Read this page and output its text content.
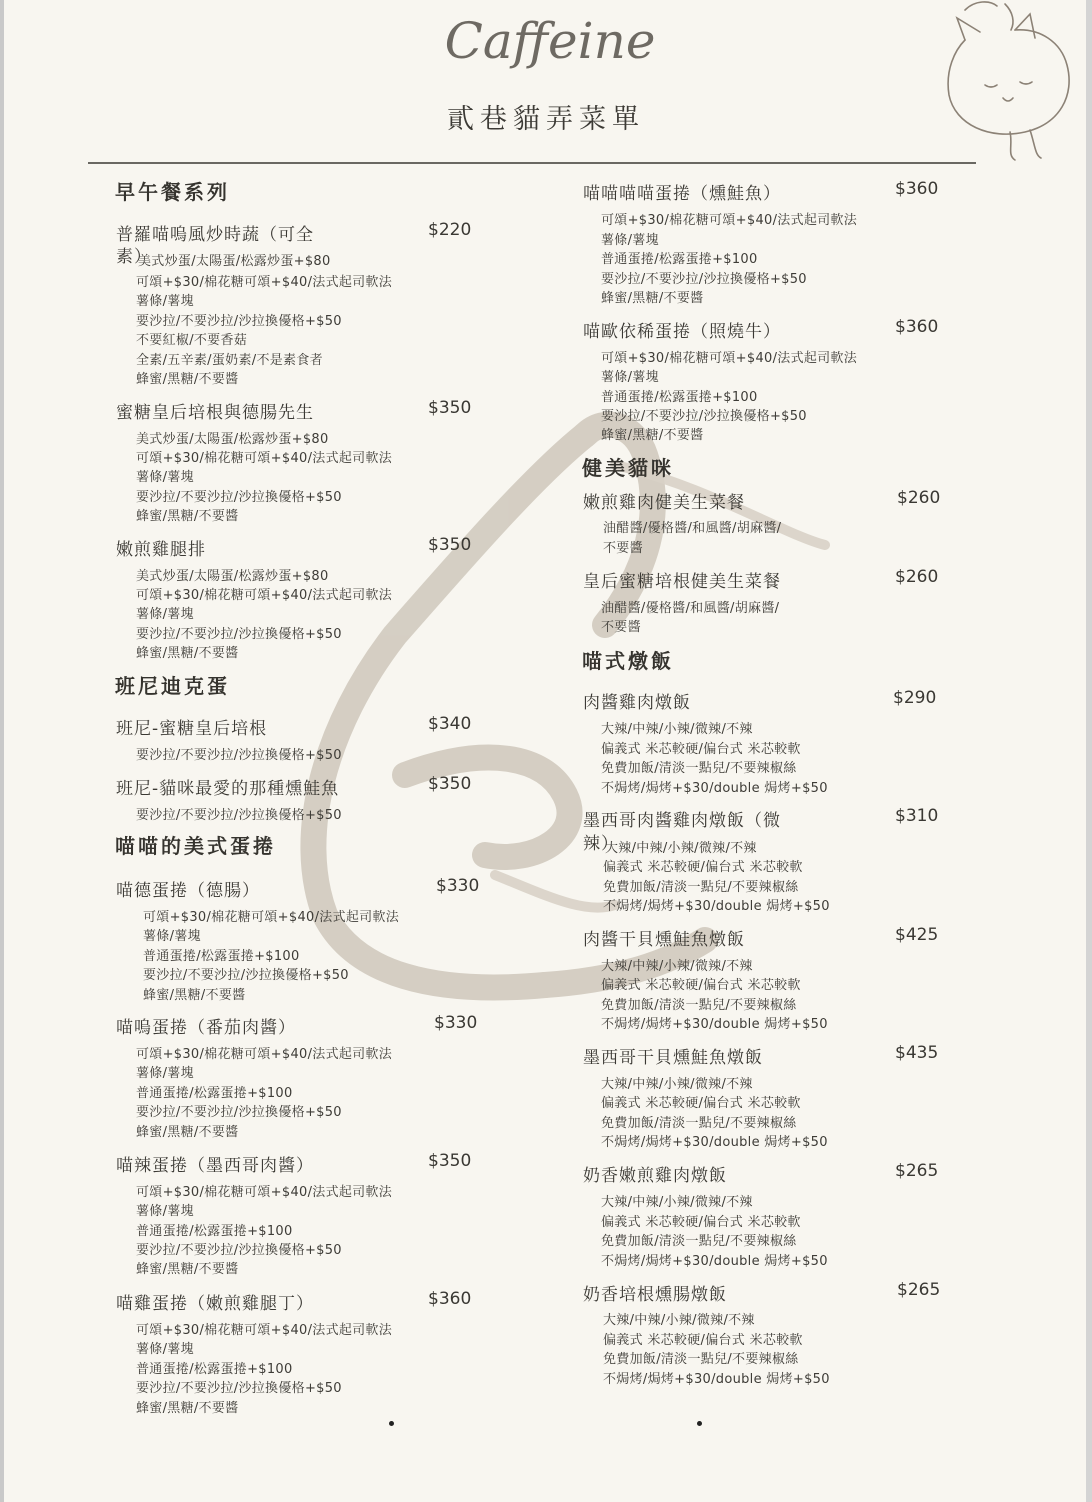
Caffeine
貳巷貓弄菜單
早午餐系列
普羅喵嗚風炒時蔬（可全	$220
美式炒蛋/太陽蛋/松露炒蛋+$80
可頌+$30/棉花糖可頌+$40/法式起司軟法
薯條/薯塊
要沙拉/不要沙拉/沙拉換優格+$50
不要紅椒/不要香菇
全素/五辛素/蛋奶素/不是素食者
蜂蜜/黑糖/不要醬
素）
蜜糖皇后培根與德腸先生	$350
美式炒蛋/太陽蛋/松露炒蛋+$80
可頌+$30/棉花糖可頌+$40/法式起司軟法
薯條/薯塊
要沙拉/不要沙拉/沙拉換優格+$50
蜂蜜/黑糖/不要醬
嫩煎雞腿排	$350
美式炒蛋/太陽蛋/松露炒蛋+$80
可頌+$30/棉花糖可頌+$40/法式起司軟法
薯條/薯塊
要沙拉/不要沙拉/沙拉換優格+$50
蜂蜜/黑糖/不要醬
班尼迪克蛋
班尼-蜜糖皇后培根	$340
要沙拉/不要沙拉/沙拉換優格+$50
班尼-貓咪最愛的那種燻鮭魚	$350
要沙拉/不要沙拉/沙拉換優格+$50
喵喵的美式蛋捲
喵德蛋捲（德腸）	$330
可頌+$30/棉花糖可頌+$40/法式起司軟法
薯條/薯塊
普通蛋捲/松露蛋捲+$100
要沙拉/不要沙拉/沙拉換優格+$50
蜂蜜/黑糖/不要醬
喵嗚蛋捲（番茄肉醬）	$330
可頌+$30/棉花糖可頌+$40/法式起司軟法
薯條/薯塊
普通蛋捲/松露蛋捲+$100
要沙拉/不要沙拉/沙拉換優格+$50
蜂蜜/黑糖/不要醬
喵辣蛋捲（墨西哥肉醬）	$350
可頌+$30/棉花糖可頌+$40/法式起司軟法
薯條/薯塊
普通蛋捲/松露蛋捲+$100
要沙拉/不要沙拉/沙拉換優格+$50
蜂蜜/黑糖/不要醬
喵雞蛋捲（嫩煎雞腿丁）	$360
可頌+$30/棉花糖可頌+$40/法式起司軟法
薯條/薯塊
普通蛋捲/松露蛋捲+$100
要沙拉/不要沙拉/沙拉換優格+$50
蜂蜜/黑糖/不要醬
喵喵喵喵蛋捲（燻鮭魚）	$360
可頌+$30/棉花糖可頌+$40/法式起司軟法
薯條/薯塊
普通蛋捲/松露蛋捲+$100
要沙拉/不要沙拉/沙拉換優格+$50
蜂蜜/黑糖/不要醬
喵歐依稀蛋捲（照燒牛）	$360
可頌+$30/棉花糖可頌+$40/法式起司軟法
薯條/薯塊
普通蛋捲/松露蛋捲+$100
要沙拉/不要沙拉/沙拉換優格+$50
蜂蜜/黑糖/不要醬
健美貓咪
嫩煎雞肉健美生菜餐	$260
油醋醬/優格醬/和風醬/胡麻醬/
不要醬
皇后蜜糖培根健美生菜餐	$260
油醋醬/優格醬/和風醬/胡麻醬/
不要醬
喵式燉飯
肉醬雞肉燉飯	$290
大辣/中辣/小辣/微辣/不辣
偏義式 米芯較硬/偏台式 米芯較軟
免費加飯/清淡一點兒/不要辣椒絲
不焗烤/焗烤+$30/double 焗烤+$50
墨西哥肉醬雞肉燉飯（微	$310
大辣/中辣/小辣/微辣/不辣
偏義式 米芯較硬/偏台式 米芯較軟
免費加飯/清淡一點兒/不要辣椒絲
不焗烤/焗烤+$30/double 焗烤+$50
辣）
肉醬干貝燻鮭魚燉飯	$425
大辣/中辣/小辣/微辣/不辣
偏義式 米芯較硬/偏台式 米芯較軟
免費加飯/清淡一點兒/不要辣椒絲
不焗烤/焗烤+$30/double 焗烤+$50
墨西哥干貝燻鮭魚燉飯	$435
大辣/中辣/小辣/微辣/不辣
偏義式 米芯較硬/偏台式 米芯較軟
免費加飯/清淡一點兒/不要辣椒絲
不焗烤/焗烤+$30/double 焗烤+$50
奶香嫩煎雞肉燉飯	$265
大辣/中辣/小辣/微辣/不辣
偏義式 米芯較硬/偏台式 米芯較軟
免費加飯/清淡一點兒/不要辣椒絲
不焗烤/焗烤+$30/double 焗烤+$50
奶香培根燻腸燉飯	$265
大辣/中辣/小辣/微辣/不辣
偏義式 米芯較硬/偏台式 米芯較軟
免費加飯/清淡一點兒/不要辣椒絲
不焗烤/焗烤+$30/double 焗烤+$50
